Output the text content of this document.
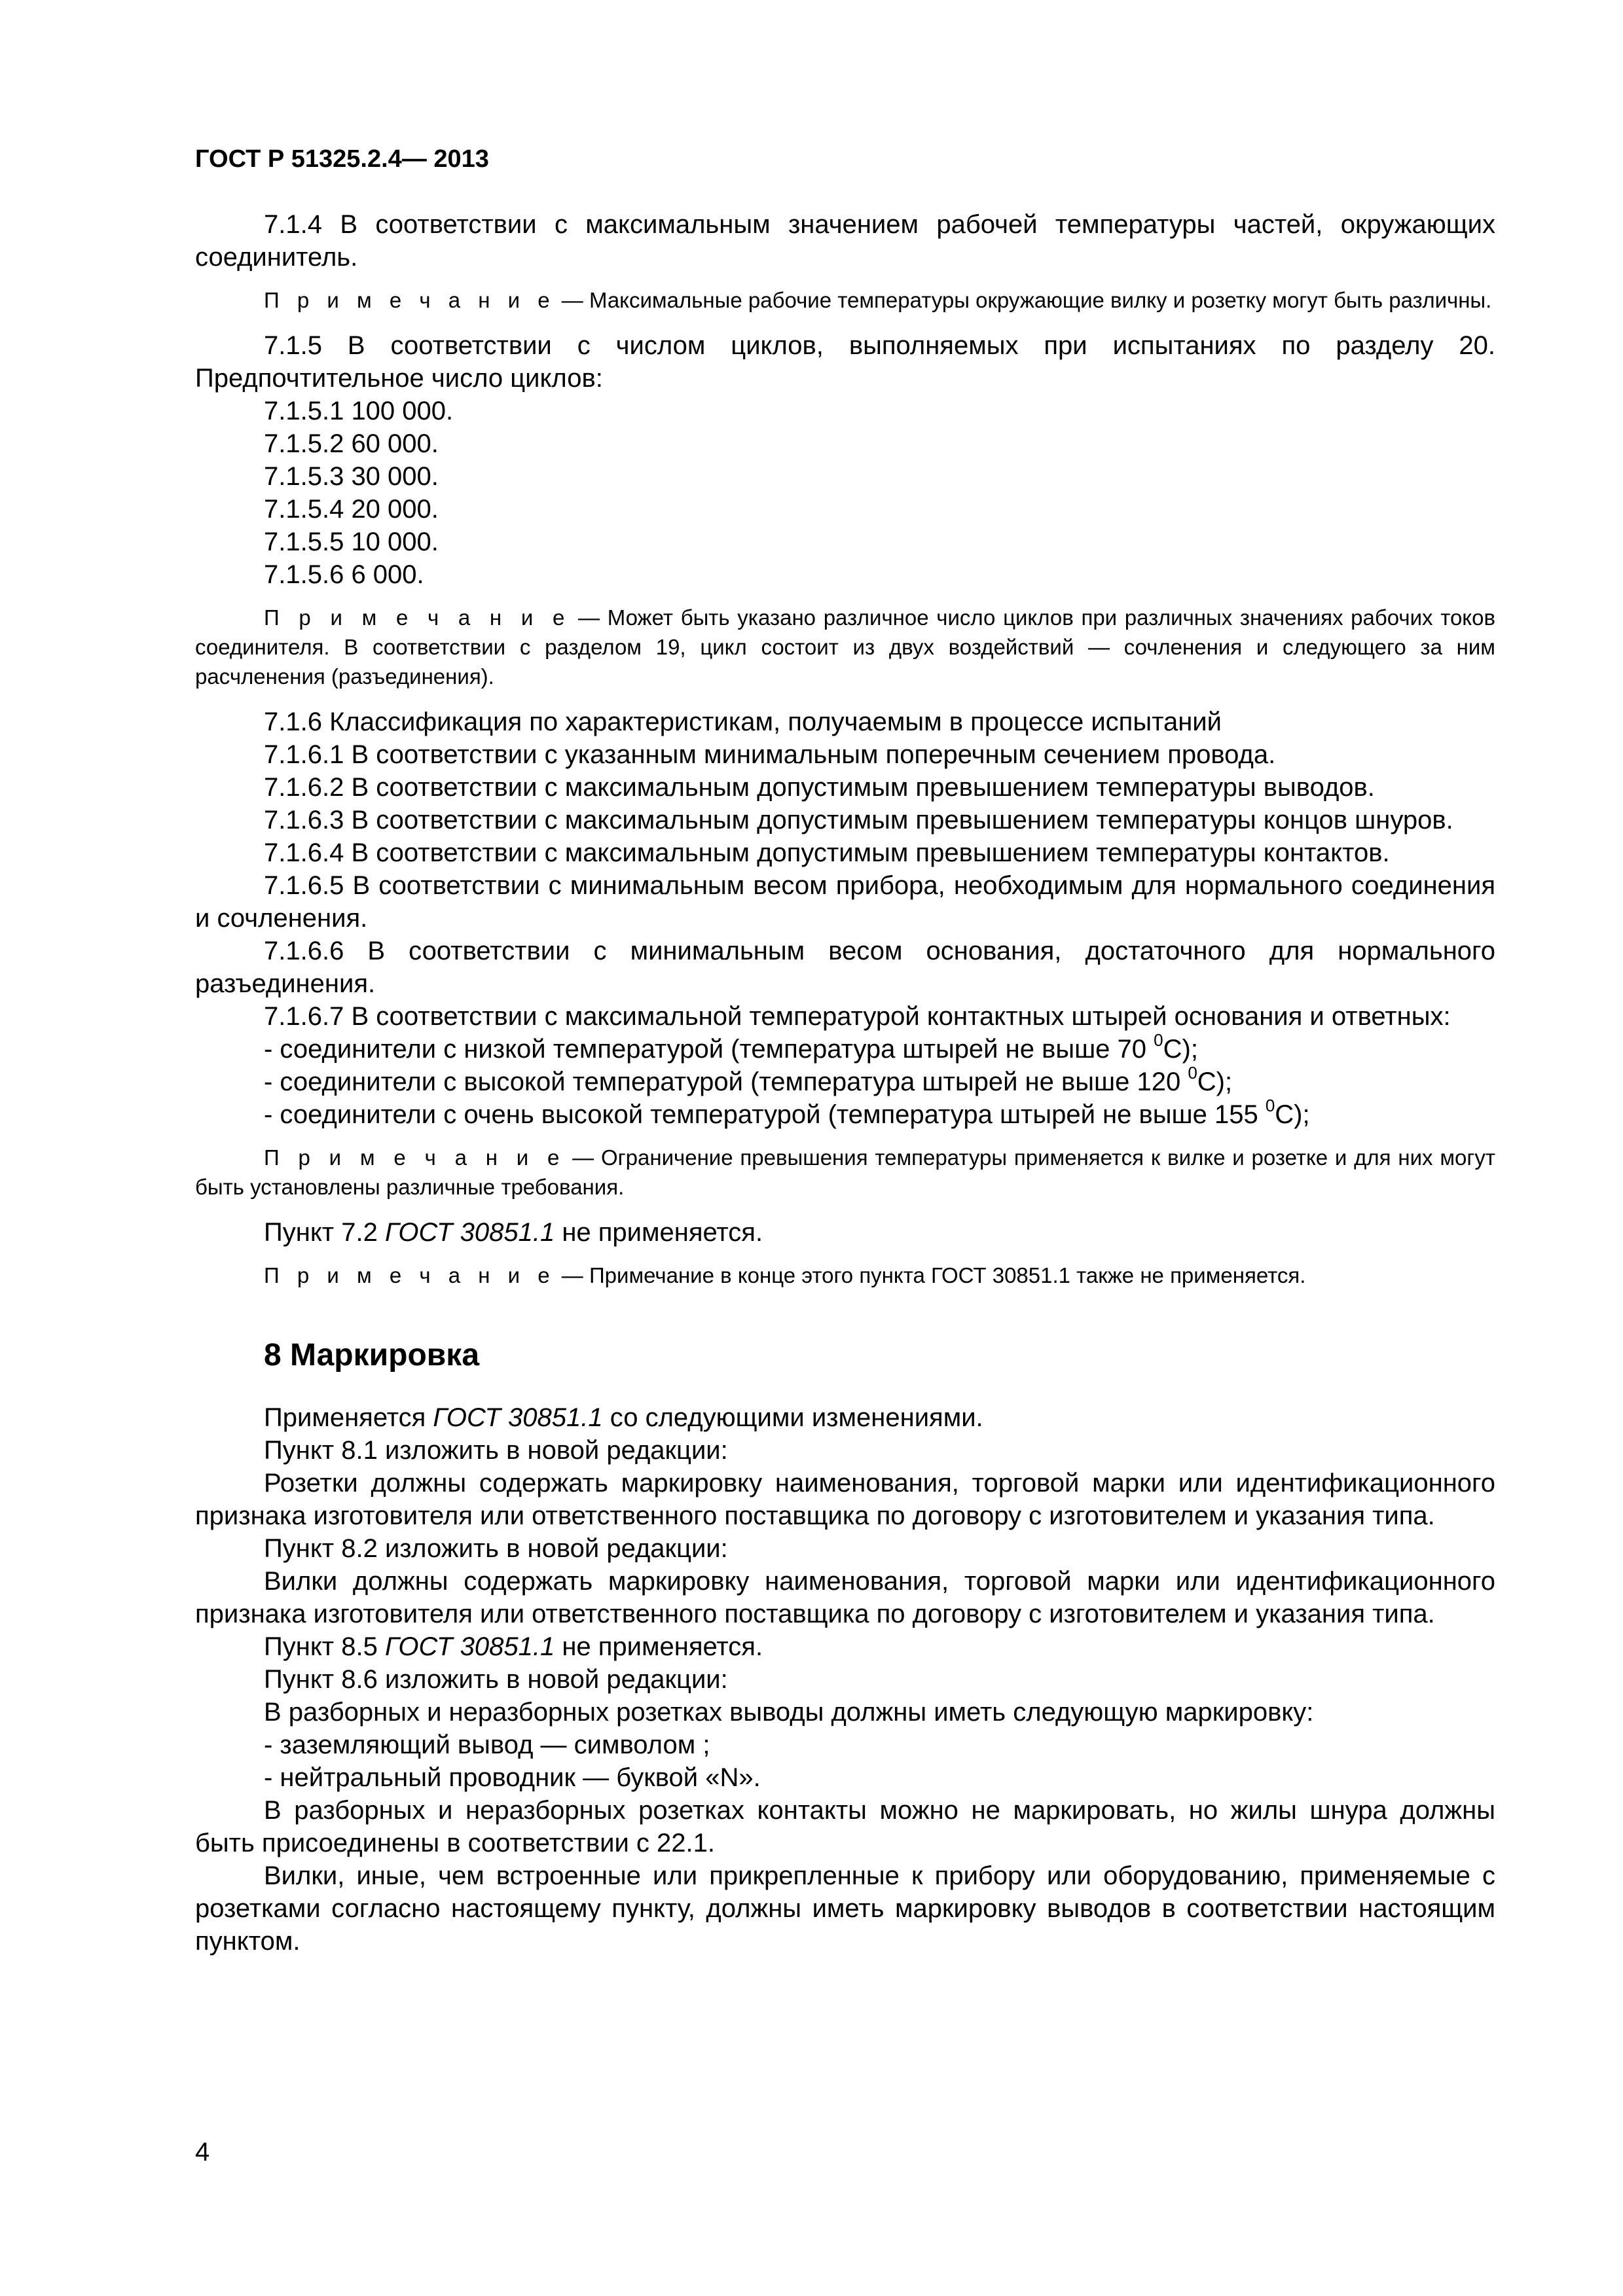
ГОСТ Р 51325.2.4— 2013

7.1.4 В соответствии с максимальным значением рабочей температуры частей, окружающих соединитель.

П р и м е ч а н и е — Максимальные рабочие температуры окружающие вилку и розетку могут быть различны.

7.1.5 В соответствии с числом циклов, выполняемых при испытаниях по разделу 20. Предпочтительное число циклов:

7.1.5.1 100 000.

7.1.5.2 60 000.

7.1.5.3 30 000.

7.1.5.4 20 000.

7.1.5.5 10 000.

7.1.5.6 6 000.

П р и м е ч а н и е — Может быть указано различное число циклов при различных значениях рабочих токов соединителя. В соответствии с разделом 19, цикл состоит из двух воздействий — сочленения и следующего за ним расчленения (разъединения).

7.1.6 Классификация по характеристикам, получаемым в процессе испытаний

7.1.6.1 В соответствии с указанным минимальным поперечным сечением провода.

7.1.6.2 В соответствии с максимальным допустимым превышением температуры выводов.

7.1.6.3 В соответствии с максимальным допустимым превышением температуры концов шнуров.

7.1.6.4 В соответствии с максимальным допустимым превышением температуры контактов.

7.1.6.5 В соответствии с минимальным весом прибора, необходимым для нормального соединения и сочленения.

7.1.6.6 В соответствии с минимальным весом основания, достаточного для нормального разъединения.

7.1.6.7 В соответствии с максимальной температурой контактных штырей основания и ответных:

- соединители с низкой температурой (температура штырей не выше 70 $^0$С);

- соединители с высокой температурой (температура штырей не выше 120 $^0$С);

- соединители с очень высокой температурой (температура штырей не выше 155 $^0$С);

П р и м е ч а н и е — Ограничение превышения температуры применяется к вилке и розетке и для них могут быть установлены различные требования.

Пункт 7.2 ГОСТ 30851.1 не применяется.

П р и м е ч а н и е — Примечание в конце этого пункта ГОСТ 30851.1 также не применяется.

8 Маркировка

Применяется ГОСТ 30851.1 со следующими изменениями.

Пункт 8.1 изложить в новой редакции:

Розетки должны содержать маркировку наименования, торговой марки или идентификационного признака изготовителя или ответственного поставщика по договору с изготовителем и указания типа.

Пункт 8.2 изложить в новой редакции:

Вилки должны содержать маркировку наименования, торговой марки или идентификационного признака изготовителя или ответственного поставщика по договору с изготовителем и указания типа.

Пункт 8.5 ГОСТ 30851.1 не применяется.

Пункт 8.6 изложить в новой редакции:

В разборных и неразборных розетках выводы должны иметь следующую маркировку:

- заземляющий вывод — символом ;

- нейтральный проводник — буквой «N».

В разборных и неразборных розетках контакты можно не маркировать, но жилы шнура должны быть присоединены в соответствии с 22.1.

Вилки, иные, чем встроенные или прикрепленные к прибору или оборудованию, применяемые с розетками согласно настоящему пункту, должны иметь маркировку выводов в соответствии настоящим пунктом.

4
